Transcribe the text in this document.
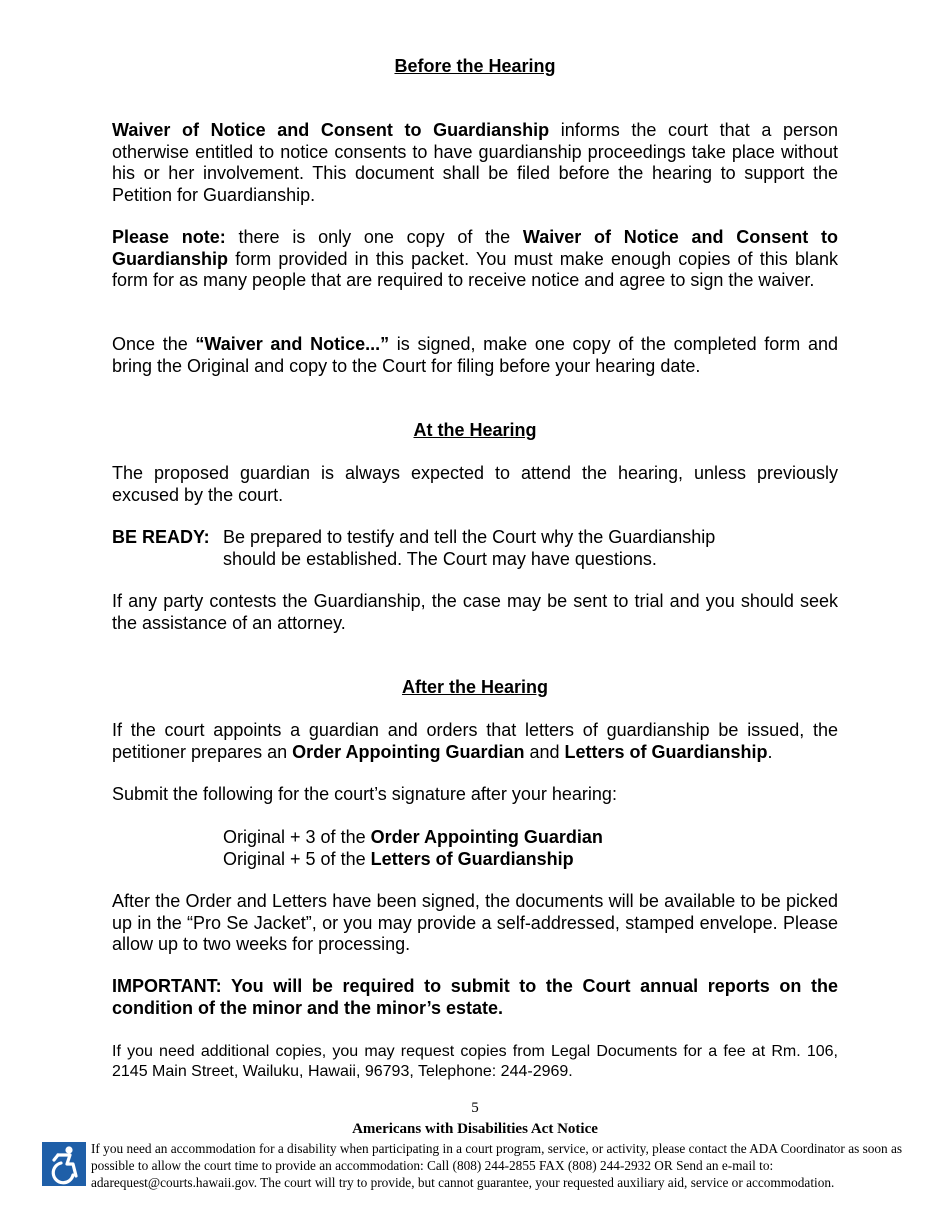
Before the Hearing
Waiver of Notice and Consent to Guardianship informs the court that a person otherwise entitled to notice consents to have guardianship proceedings take place without his or her involvement. This document shall be filed before the hearing to support the Petition for Guardianship.
Please note: there is only one copy of the Waiver of Notice and Consent to Guardianship form provided in this packet. You must make enough copies of this blank form for as many people that are required to receive notice and agree to sign the waiver.
Once the “Waiver and Notice...” is signed, make one copy of the completed form and bring the Original and copy to the Court for filing before your hearing date.
At the Hearing
The proposed guardian is always expected to attend the hearing, unless previously excused by the court.
BE READY: Be prepared to testify and tell the Court why the Guardianship
should be established. The Court may have questions.
If any party contests the Guardianship, the case may be sent to trial and you should seek the assistance of an attorney.
After the Hearing
If the court appoints a guardian and orders that letters of guardianship be issued, the petitioner prepares an Order Appointing Guardian and Letters of Guardianship.
Submit the following for the court’s signature after your hearing:
Original + 3 of the Order Appointing Guardian
Original + 5 of the Letters of Guardianship
After the Order and Letters have been signed, the documents will be available to be picked up in the “Pro Se Jacket”, or you may provide a self-addressed, stamped envelope. Please allow up to two weeks for processing.
IMPORTANT: You will be required to submit to the Court annual reports on the condition of the minor and the minor’s estate.
If you need additional copies, you may request copies from Legal Documents for a fee at Rm. 106, 2145 Main Street, Wailuku, Hawaii, 96793, Telephone: 244-2969.
5
Americans with Disabilities Act Notice
If you need an accommodation for a disability when participating in a court program, service, or activity, please contact the ADA Coordinator as soon as possible to allow the court time to provide an accommodation: Call (808) 244-2855 FAX (808) 244-2932 OR Send an e-mail to: adarequest@courts.hawaii.gov. The court will try to provide, but cannot guarantee, your requested auxiliary aid, service or accommodation.
